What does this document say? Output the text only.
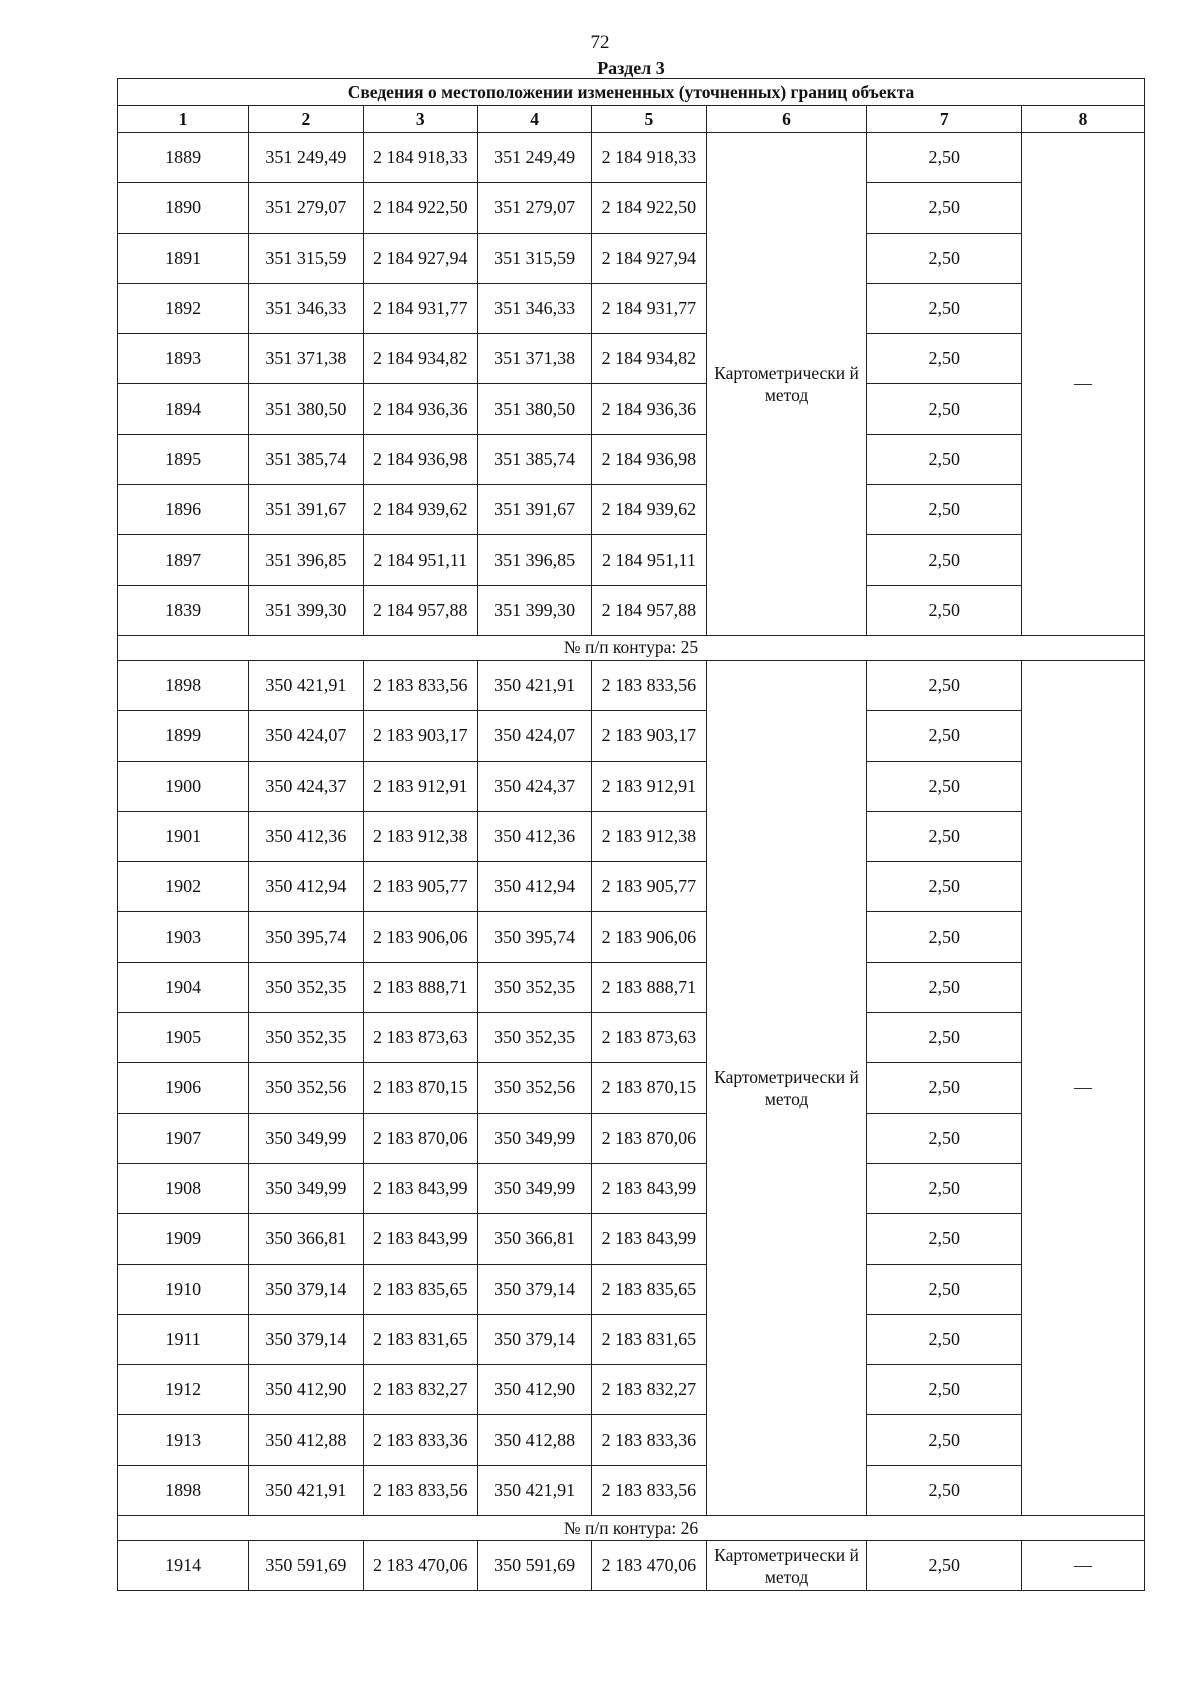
72
Раздел 3
Сведения о местоположении измененных (уточненных) границ объекта							
1	2	3	4	5	6	7	8
1889	351 249,49	2 184 918,33	351 249,49	2 184 918,33	Картометрически й метод	2,50	—
1890	351 279,07	2 184 922,50	351 279,07	2 184 922,50		2,50	
1891	351 315,59	2 184 927,94	351 315,59	2 184 927,94		2,50	
1892	351 346,33	2 184 931,77	351 346,33	2 184 931,77		2,50	
1893	351 371,38	2 184 934,82	351 371,38	2 184 934,82		2,50	
1894	351 380,50	2 184 936,36	351 380,50	2 184 936,36		2,50	
1895	351 385,74	2 184 936,98	351 385,74	2 184 936,98		2,50	
1896	351 391,67	2 184 939,62	351 391,67	2 184 939,62		2,50	
1897	351 396,85	2 184 951,11	351 396,85	2 184 951,11		2,50	
1839	351 399,30	2 184 957,88	351 399,30	2 184 957,88		2,50	
№ п/п контура: 25							
1898	350 421,91	2 183 833,56	350 421,91	2 183 833,56	Картометрически й метод	2,50	—
1899	350 424,07	2 183 903,17	350 424,07	2 183 903,17		2,50	
1900	350 424,37	2 183 912,91	350 424,37	2 183 912,91		2,50	
1901	350 412,36	2 183 912,38	350 412,36	2 183 912,38		2,50	
1902	350 412,94	2 183 905,77	350 412,94	2 183 905,77		2,50	
1903	350 395,74	2 183 906,06	350 395,74	2 183 906,06		2,50	
1904	350 352,35	2 183 888,71	350 352,35	2 183 888,71		2,50	
1905	350 352,35	2 183 873,63	350 352,35	2 183 873,63		2,50	
1906	350 352,56	2 183 870,15	350 352,56	2 183 870,15		2,50	
1907	350 349,99	2 183 870,06	350 349,99	2 183 870,06		2,50	
1908	350 349,99	2 183 843,99	350 349,99	2 183 843,99		2,50	
1909	350 366,81	2 183 843,99	350 366,81	2 183 843,99		2,50	
1910	350 379,14	2 183 835,65	350 379,14	2 183 835,65		2,50	
1911	350 379,14	2 183 831,65	350 379,14	2 183 831,65		2,50	
1912	350 412,90	2 183 832,27	350 412,90	2 183 832,27		2,50	
1913	350 412,88	2 183 833,36	350 412,88	2 183 833,36		2,50	
1898	350 421,91	2 183 833,56	350 421,91	2 183 833,56		2,50	
№ п/п контура: 26							
1914	350 591,69	2 183 470,06	350 591,69	2 183 470,06	Картометрически й метод	2,50	—
